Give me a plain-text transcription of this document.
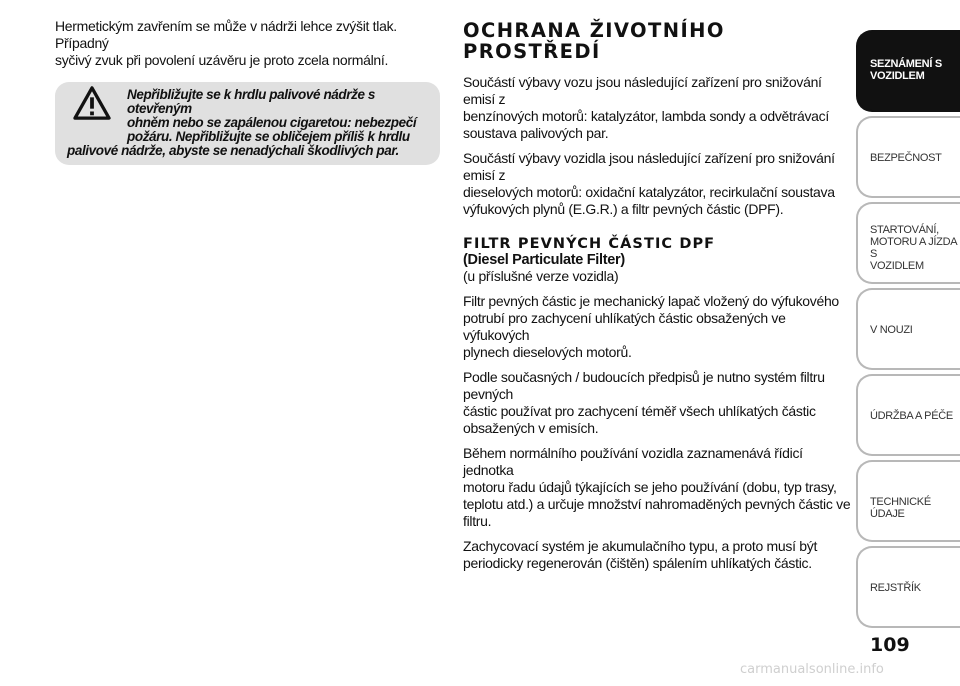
Hermetickým zavřením se může v nádrži lehce zvýšit tlak. Případný

syčivý zvuk při povolení uzávěru je proto zcela normální.

Nepřibližujte se k hrdlu palivové nádrže s otevřeným
ohněm nebo se zapálenou cigaretou: nebezpečí
požáru. Nepřibližujte se obličejem příliš k hrdlu
palivové nádrže, abyste se nenadýchali škodlivých par.

OCHRANA ŽIVOTNÍHO
PROSTŘEDÍ

Součástí výbavy vozu jsou následující zařízení pro snižování emisí z

benzínových motorů: katalyzátor, lambda sondy a odvětrávací

soustava palivových par.

Součástí výbavy vozidla jsou následující zařízení pro snižování emisí z

dieselových motorů: oxidační katalyzátor, recirkulační soustava

výfukových plynů (E.G.R.) a filtr pevných částic (DPF).

FILTR PEVNÝCH ČÁSTIC DPF

(Diesel Particulate Filter)

(u příslušné verze vozidla)

Filtr pevných částic je mechanický lapač vložený do výfukového

potrubí pro zachycení uhlíkatých částic obsažených ve výfukových

plynech dieselových motorů.

Podle současných / budoucích předpisů je nutno systém filtru pevných

částic používat pro zachycení téměř všech uhlíkatých částic

obsažených v emisích.

Během normálního používání vozidla zaznamenává řídicí jednotka

motoru řadu údajů týkajících se jeho používání (dobu, typ trasy,

teplotu atd.) a určuje množství nahromaděných pevných částic ve filtru.

Zachycovací systém je akumulačního typu, a proto musí být

periodicky regenerován (čištěn) spálením uhlíkatých částic.

SEZNÁMENÍ S
VOZIDLEM
BEZPEČNOST
STARTOVÁNÍ,
MOTORU A JÍZDA S
VOZIDLEM
V NOUZI
ÚDRŽBA A PÉČE
TECHNICKÉ ÚDAJE
REJSTŘÍK
109
carmanualsonline.info
